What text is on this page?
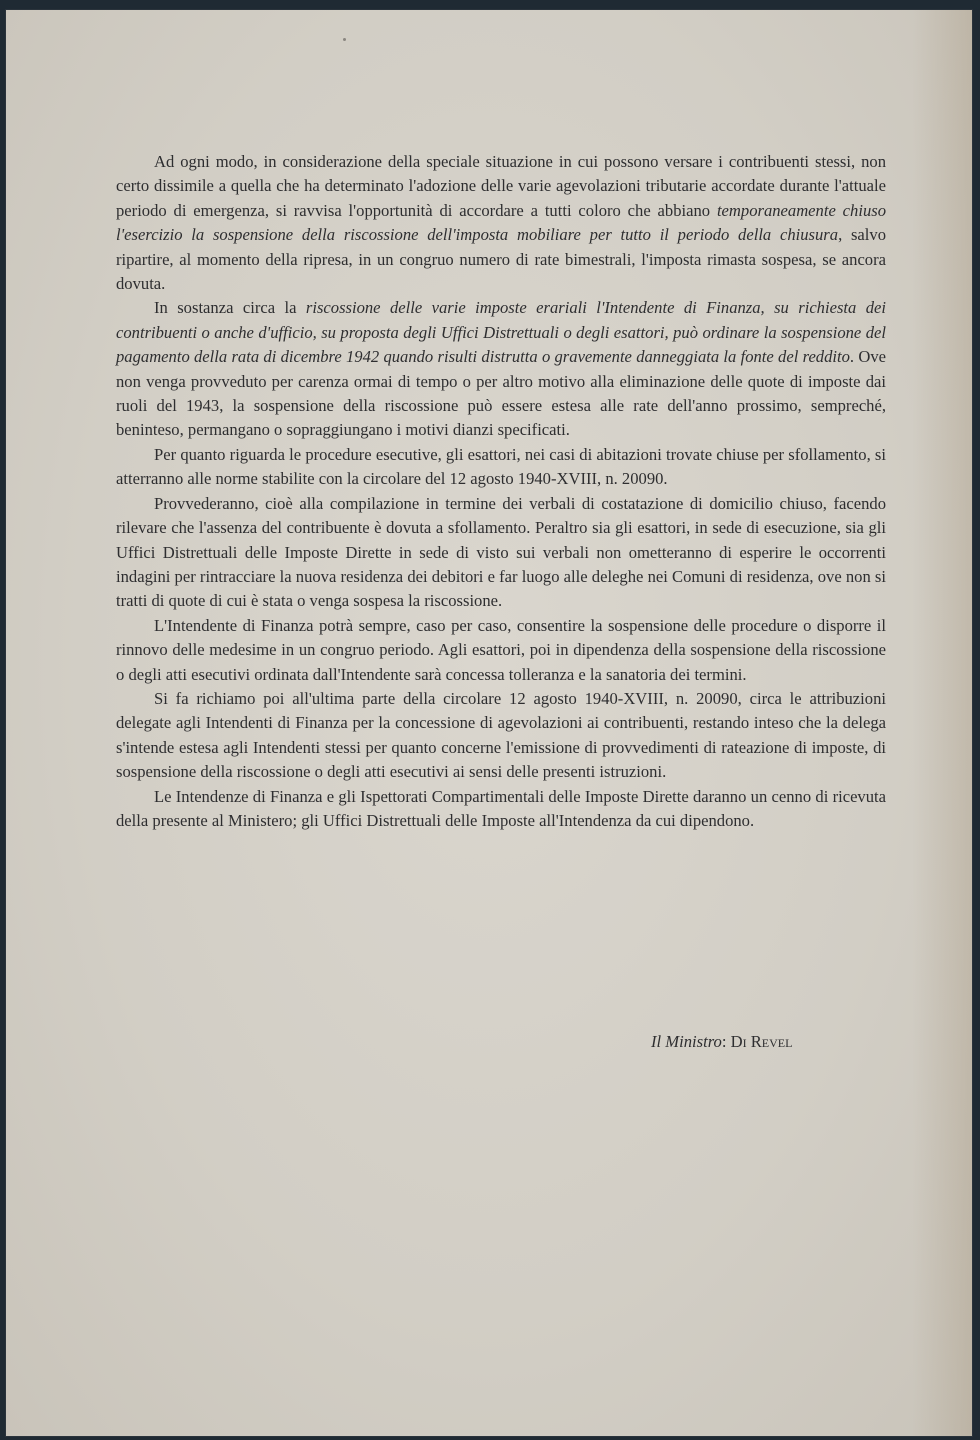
Ad ogni modo, in considerazione della speciale situazione in cui possono versare i contribuenti stessi, non certo dissimile a quella che ha determinato l'adozione delle varie agevolazioni tributarie accordate durante l'attuale periodo di emergenza, si ravvisa l'opportunità di accordare a tutti coloro che abbiano temporaneamente chiuso l'esercizio la sospensione della riscossione dell'imposta mobiliare per tutto il periodo della chiusura, salvo ripartire, al momento della ripresa, in un congruo numero di rate bimestrali, l'imposta rimasta sospesa, se ancora dovuta.

In sostanza circa la riscossione delle varie imposte erariali l'Intendente di Finanza, su richiesta dei contribuenti o anche d'ufficio, su proposta degli Uffici Distrettuali o degli esattori, può ordinare la sospensione del pagamento della rata di dicembre 1942 quando risulti distrutta o gravemente danneggiata la fonte del reddito. Ove non venga provveduto per carenza ormai di tempo o per altro motivo alla eliminazione delle quote di imposte dai ruoli del 1943, la sospensione della riscossione può essere estesa alle rate dell'anno prossimo, sempreché, beninteso, permangano o sopraggiungano i motivi dianzi specificati.

Per quanto riguarda le procedure esecutive, gli esattori, nei casi di abitazioni trovate chiuse per sfollamento, si atterranno alle norme stabilite con la circolare del 12 agosto 1940-XVIII, n. 20090.

Provvederanno, cioè alla compilazione in termine dei verbali di costatazione di domicilio chiuso, facendo rilevare che l'assenza del contribuente è dovuta a sfollamento. Peraltro sia gli esattori, in sede di esecuzione, sia gli Uffici Distrettuali delle Imposte Dirette in sede di visto sui verbali non ometteranno di esperire le occorrenti indagini per rintracciare la nuova residenza dei debitori e far luogo alle deleghe nei Comuni di residenza, ove non si tratti di quote di cui è stata o venga sospesa la riscossione.

L'Intendente di Finanza potrà sempre, caso per caso, consentire la sospensione delle procedure o disporre il rinnovo delle medesime in un congruo periodo. Agli esattori, poi in dipendenza della sospensione della riscossione o degli atti esecutivi ordinata dall'Intendente sarà concessa tolleranza e la sanatoria dei termini.

Si fa richiamo poi all'ultima parte della circolare 12 agosto 1940-XVIII, n. 20090, circa le attribuzioni delegate agli Intendenti di Finanza per la concessione di agevolazioni ai contribuenti, restando inteso che la delega s'intende estesa agli Intendenti stessi per quanto concerne l'emissione di provvedimenti di rateazione di imposte, di sospensione della riscossione o degli atti esecutivi ai sensi delle presenti istruzioni.

Le Intendenze di Finanza e gli Ispettorati Compartimentali delle Imposte Dirette daranno un cenno di ricevuta della presente al Ministero; gli Uffici Distrettuali delle Imposte all'Intendenza da cui dipendono.

Il Ministro: Di Revel
